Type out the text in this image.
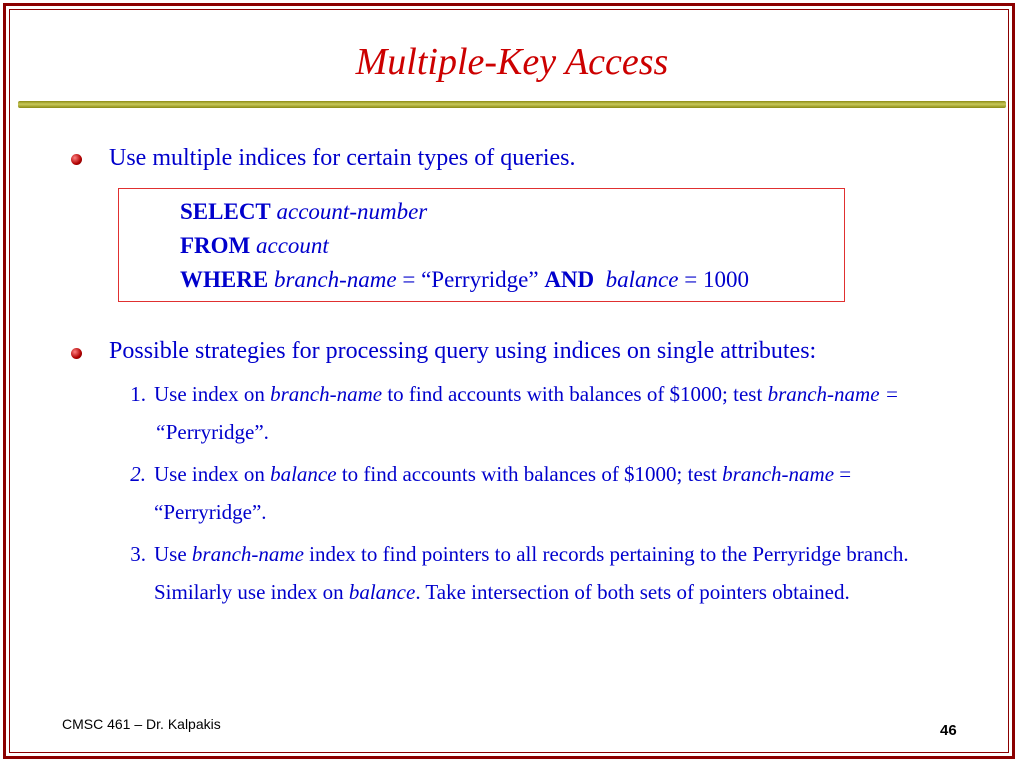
Multiple-Key Access
Use multiple indices for certain types of queries.
SELECT account-number
FROM account
WHERE branch-name = “Perryridge” AND balance = 1000
Possible strategies for processing query using indices on single attributes:
1. Use index on branch-name to find accounts with balances of $1000; test branch-name = “Perryridge”.
2. Use index on balance to find accounts with balances of $1000; test branch-name = “Perryridge”.
3. Use branch-name index to find pointers to all records pertaining to the Perryridge branch. Similarly use index on balance. Take intersection of both sets of pointers obtained.
CMSC 461 – Dr. Kalpakis	46
